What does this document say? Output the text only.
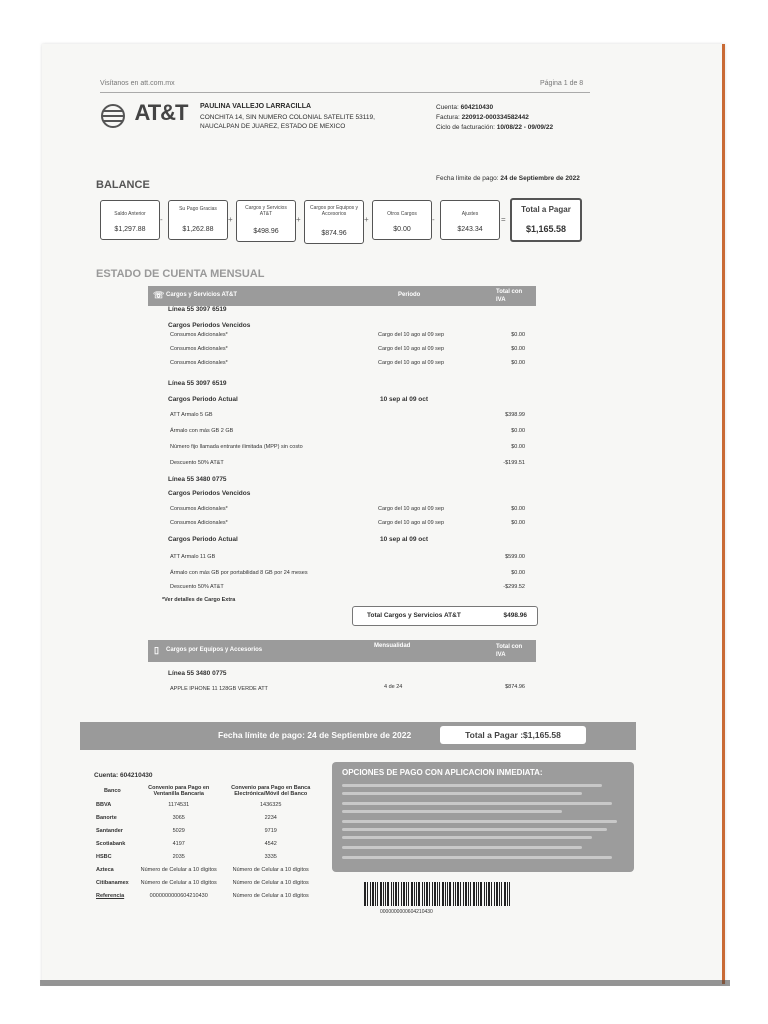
Visítanos en att.com.mx	Página 1 de 8
AT&T PAULINA VALLEJO LARRACILLA
CONCHITA 14, SIN NUMERO COLONIAL SATELITE 53119,
NAUCALPAN DE JUAREZ, ESTADO DE MEXICO
Cuenta: 604210430
Factura: 220912-000334582442
Ciclo de facturación: 10/08/22 - 09/09/22
BALANCE
Fecha límite de pago: 24 de Septiembre de 2022
Saldo Anterior
$1,297.88
-
Su Pago Gracias
$1,262.88
+
Cargos y Servicios AT&T
$498.96
+
Cargos por Equipos y Accesorios
$874.96
+
Otros Cargos
$0.00
-
Ajustes
$243.34
=
Total a Pagar
$1,165.58
ESTADO DE CUENTA MENSUAL
☏ Cargos y Servicios AT&T	Periodo	Total con IVA
Línea 55 3097 6519
Cargos Periodos Vencidos
Consumos Adicionales*	Cargo del 10 ago al 09 sep	$0.00
Consumos Adicionales*	Cargo del 10 ago al 09 sep	$0.00
Consumos Adicionales*	Cargo del 10 ago al 09 sep	$0.00
Línea 55 3097 6519
Cargos Periodo Actual	10 sep al 09 oct
ATT Armalo 5 GB	$398.99
Ármalo con más GB 2 GB	$0.00
Número fijo llamada entrante ilimitada (MPP) sin costo	$0.00
Descuento 50% AT&T	-$199.51
Línea 55 3480 0775
Cargos Periodos Vencidos
Consumos Adicionales*	Cargo del 10 ago al 09 sep	$0.00
Consumos Adicionales*	Cargo del 10 ago al 09 sep	$0.00
Cargos Periodo Actual	10 sep al 09 oct
ATT Armalo 11 GB	$599.00
Ármalo con más GB por portabilidad 8 GB por 24 meses	$0.00
Descuento 50% AT&T	-$299.52
*Ver detalles de Cargo Extra
Total Cargos y Servicios AT&T	$498.96
▯ Cargos por Equipos y Accesorios
Mensualidad	Total con IVA
Línea 55 3480 0775
APPLE IPHONE 11 128GB VERDE ATT	4 de 24	$874.96
Fecha límite de pago: 24 de Septiembre de 2022	Total a Pagar :$1,165.58
Cuenta: 604210430
Banco	Convenio para Pago en Ventanilla Bancaria	Convenio para Pago en Banca Electrónica/Móvil del Banco
BBVA	1174531	1436325
Banorte	3065	2234
Santander	5029	9719
Scotiabank	4197	4542
HSBC	2035	3335
Azteca	Número de Celular a 10 dígitos	Número de Celular a 10 dígitos
Citibanamex	Número de Celular a 10 dígitos	Número de Celular a 10 dígitos
Referencia	0000000000604210430	Número de Celular a 10 dígitos
OPCIONES DE PAGO CON APLICACION INMEDIATA:
0000000000604210430
